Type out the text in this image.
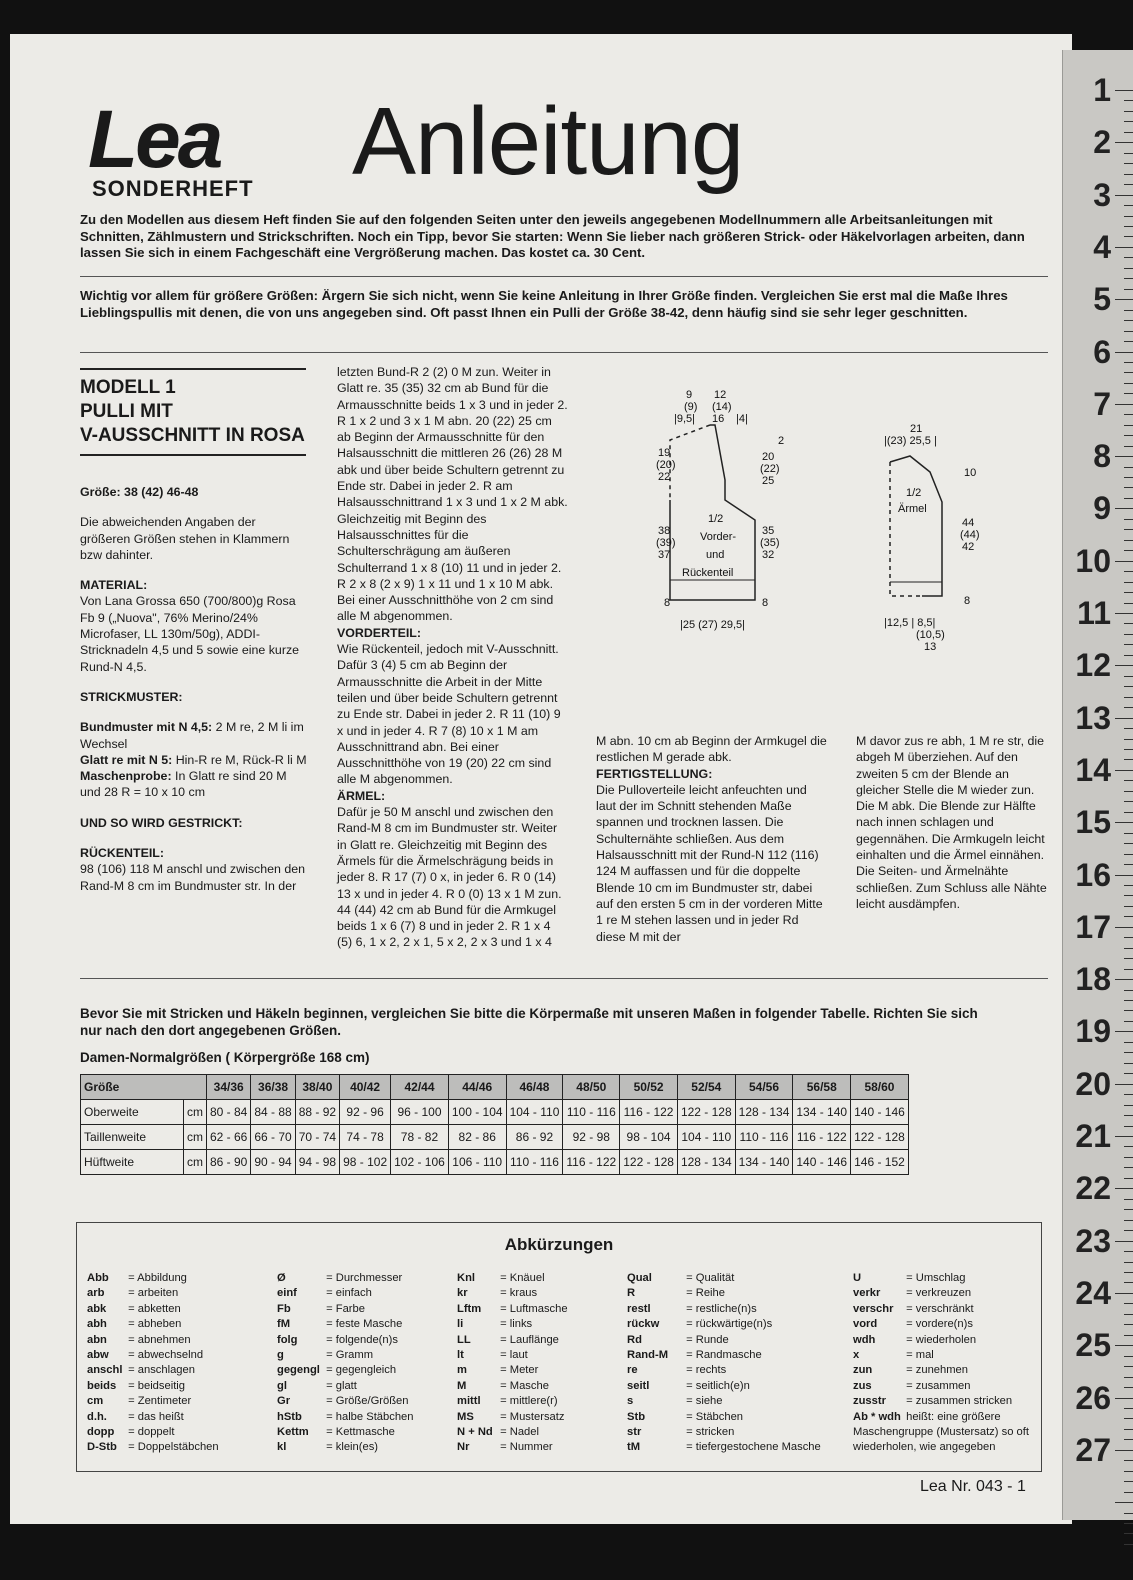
1
2
3
4
5
6
7
8
9
10
11
12
13
14
15
16
17
18
19
20
21
22
23
24
25
26
27
Lea
SONDERHEFT Anleitung
Zu den Modellen aus diesem Heft finden Sie auf den folgenden Seiten unter den jeweils angegebenen Modellnummern alle Arbeitsanleitungen mit Schnitten, Zählmustern und Strickschriften. Noch ein Tipp, bevor Sie starten: Wenn Sie lieber nach größeren Strick- oder Häkelvorlagen arbeiten, dann lassen Sie sich in einem Fachgeschäft eine Vergrößerung machen. Das kostet ca. 30 Cent.
Wichtig vor allem für größere Größen: Ärgern Sie sich nicht, wenn Sie keine Anleitung in Ihrer Größe finden. Vergleichen Sie erst mal die Maße Ihres Lieblingspullis mit denen, die von uns angegeben sind. Oft passt Ihnen ein Pulli der Größe 38-42, denn häufig sind sie sehr leger geschnitten.
MODELL 1
PULLI MIT
V-AUSSCHNITT IN ROSA

Größe: 38 (42) 46-48

Die abweichenden Angaben der größeren Größen stehen in Klammern bzw dahinter.

MATERIAL:

Von Lana Grossa 650 (700/800)g Rosa Fb 9 („Nuova", 76% Merino/24% Microfaser, LL 130m/50g), ADDI-Stricknadeln 4,5 und 5 sowie eine kurze Rund-N 4,5.

STRICKMUSTER:

Bundmuster mit N 4,5: 2 M re, 2 M li im Wechsel

Glatt re mit N 5: Hin-R re M, Rück-R li M

Maschenprobe: In Glatt re sind 20 M und 28 R = 10 x 10 cm

UND SO WIRD GESTRICKT:

RÜCKENTEIL:

98 (106) 118 M anschl und zwischen den Rand-M 8 cm im Bundmuster str. In der

letzten Bund-R 2 (2) 0 M zun. Weiter in Glatt re. 35 (35) 32 cm ab Bund für die Armausschnitte beids 1 x 3 und in jeder 2. R 1 x 2 und 3 x 1 M abn. 20 (22) 25 cm ab Beginn der Armausschnitte für den Halsausschnitt die mittleren 26 (26) 28 M abk und über beide Schultern getrennt zu Ende str. Dabei in jeder 2. R am Halsausschnittrand 1 x 3 und 1 x 2 M abk. Gleichzeitig mit Beginn des Halsausschnittes für die Schulterschrägung am äußeren Schulterrand 1 x 8 (10) 11 und in jeder 2. R 2 x 8 (2 x 9) 1 x 11 und 1 x 10 M abk. Bei einer Ausschnitthöhe von 2 cm sind alle M abgenommen.

VORDERTEIL:

Wie Rückenteil, jedoch mit V-Ausschnitt. Dafür 3 (4) 5 cm ab Beginn der Armausschnitte die Arbeit in der Mitte teilen und über beide Schultern getrennt zu Ende str. Dabei in jeder 2. R 11 (10) 9 x und in jeder 4. R 7 (8) 10 x 1 M am Ausschnittrand abn. Bei einer Ausschnitthöhe von 19 (20) 22 cm sind alle M abgenommen.

ÄRMEL:

Dafür je 50 M anschl und zwischen den Rand-M 8 cm im Bundmuster str. Weiter in Glatt re. Gleichzeitig mit Beginn des Ärmels für die Ärmelschrägung beids in jeder 8. R 17 (7) 0 x, in jeder 6. R 0 (14) 13 x und in jeder 4. R 0 (0) 13 x 1 M zun. 44 (44) 42 cm ab Bund für die Armkugel beids 1 x 6 (7) 8 und in jeder 2. R 1 x 4 (5) 6, 1 x 2, 2 x 1, 5 x 2, 2 x 3 und 1 x 4

9 12
(9) (14)
|9,5| 16 |4|
19
(20)
22
2
20
(22)
25
38
(39)
37
35
(35)
32
1/2
Vorder-
und
Rückenteil
8	8
|25 (27) 29,5|
21
|(23) 25,5 |
10
1/2
Ärmel
44
(44)
42
8
|12,5 | 8,5|
(10,5)
13

M abn. 10 cm ab Beginn der Armkugel die restlichen M gerade abk.

FERTIGSTELLUNG:

Die Pulloverteile leicht anfeuchten und laut der im Schnitt stehenden Maße spannen und trocknen lassen. Die Schulternähte schließen. Aus dem Halsausschnitt mit der Rund-N 112 (116) 124 M auffassen und für die doppelte Blende 10 cm im Bundmuster str, dabei auf den ersten 5 cm in der vorderen Mitte 1 re M stehen lassen und in jeder Rd diese M mit der

M davor zus re abh, 1 M re str, die abgeh M überziehen. Auf den zweiten 5 cm der Blende an gleicher Stelle die M wieder zun. Die M abk. Die Blende zur Hälfte nach innen schlagen und gegennähen. Die Armkugeln leicht einhalten und die Ärmel einnähen. Die Seiten- und Ärmelnähte schließen. Zum Schluss alle Nähte leicht ausdämpfen.

Bevor Sie mit Stricken und Häkeln beginnen, vergleichen Sie bitte die Körpermaße mit unseren Maßen in folgender Tabelle. Richten Sie sich nur nach den dort angegebenen Größen.
Damen-Normalgrößen ( Körpergröße 168 cm)
Größe		34/36	36/38	38/40	40/42	42/44	44/46	46/48	48/50	50/52	52/54	54/56	56/58	58/60
Oberweite	cm	80 - 84	84 - 88	88 - 92	92 - 96	96 - 100	100 - 104	104 - 110	110 - 116	116 - 122	122 - 128	128 - 134	134 - 140	140 - 146
Taillenweite	cm	62 - 66	66 - 70	70 - 74	74 - 78	78 - 82	82 - 86	86 - 92	92 - 98	98 - 104	104 - 110	110 - 116	116 - 122	122 - 128
Hüftweite	cm	86 - 90	90 - 94	94 - 98	98 - 102	102 - 106	106 - 110	110 - 116	116 - 122	122 - 128	128 - 134	134 - 140	140 - 146	146 - 152
Abkürzungen
Abb = Abbildung
arb = arbeiten
abk = abketten
abh = abheben
abn = abnehmen
abw = abwechselnd
anschl = anschlagen
beids = beidseitig
cm = Zentimeter
d.h. = das heißt
dopp = doppelt
D-Stb = Doppelstäbchen
Ø	= Durchmesser
einf = einfach
Fb	= Farbe
fM	= feste Masche
folg = folgende(n)s
g	= Gramm
gegengl = gegengleich
gl	= glatt
Gr	= Größe/Größen
hStb = halbe Stäbchen
Kettm = Kettmasche
kl	= klein(es)
Knl = Knäuel
kr	= kraus
Lftm = Luftmasche
li	= links
LL = Lauflänge
lt	= laut
m	= Meter
M	= Masche
mittl = mittlere(r)
MS = Mustersatz
N + Nd = Nadel
Nr = Nummer
Qual	= Qualität
R	= Reihe
restl	= restliche(n)s
rückw = rückwärtige(n)s
Rd	= Runde
Rand-M = Randmasche
re	= rechts
seitl	= seitlich(e)n
s	= siehe
Stb	= Stäbchen
str	= stricken
tM	= tiefergestochene Masche
U	= Umschlag
verkr = verkreuzen
verschr = verschränkt
vord = vordere(n)s
wdh = wiederholen
x	= mal
zun	= zunehmen
zus	= zusammen
zusstr = zusammen stricken
Ab * wdh heißt: eine größere Maschengruppe (Mustersatz) so oft wiederholen, wie angegeben
Lea Nr. 043 - 1
